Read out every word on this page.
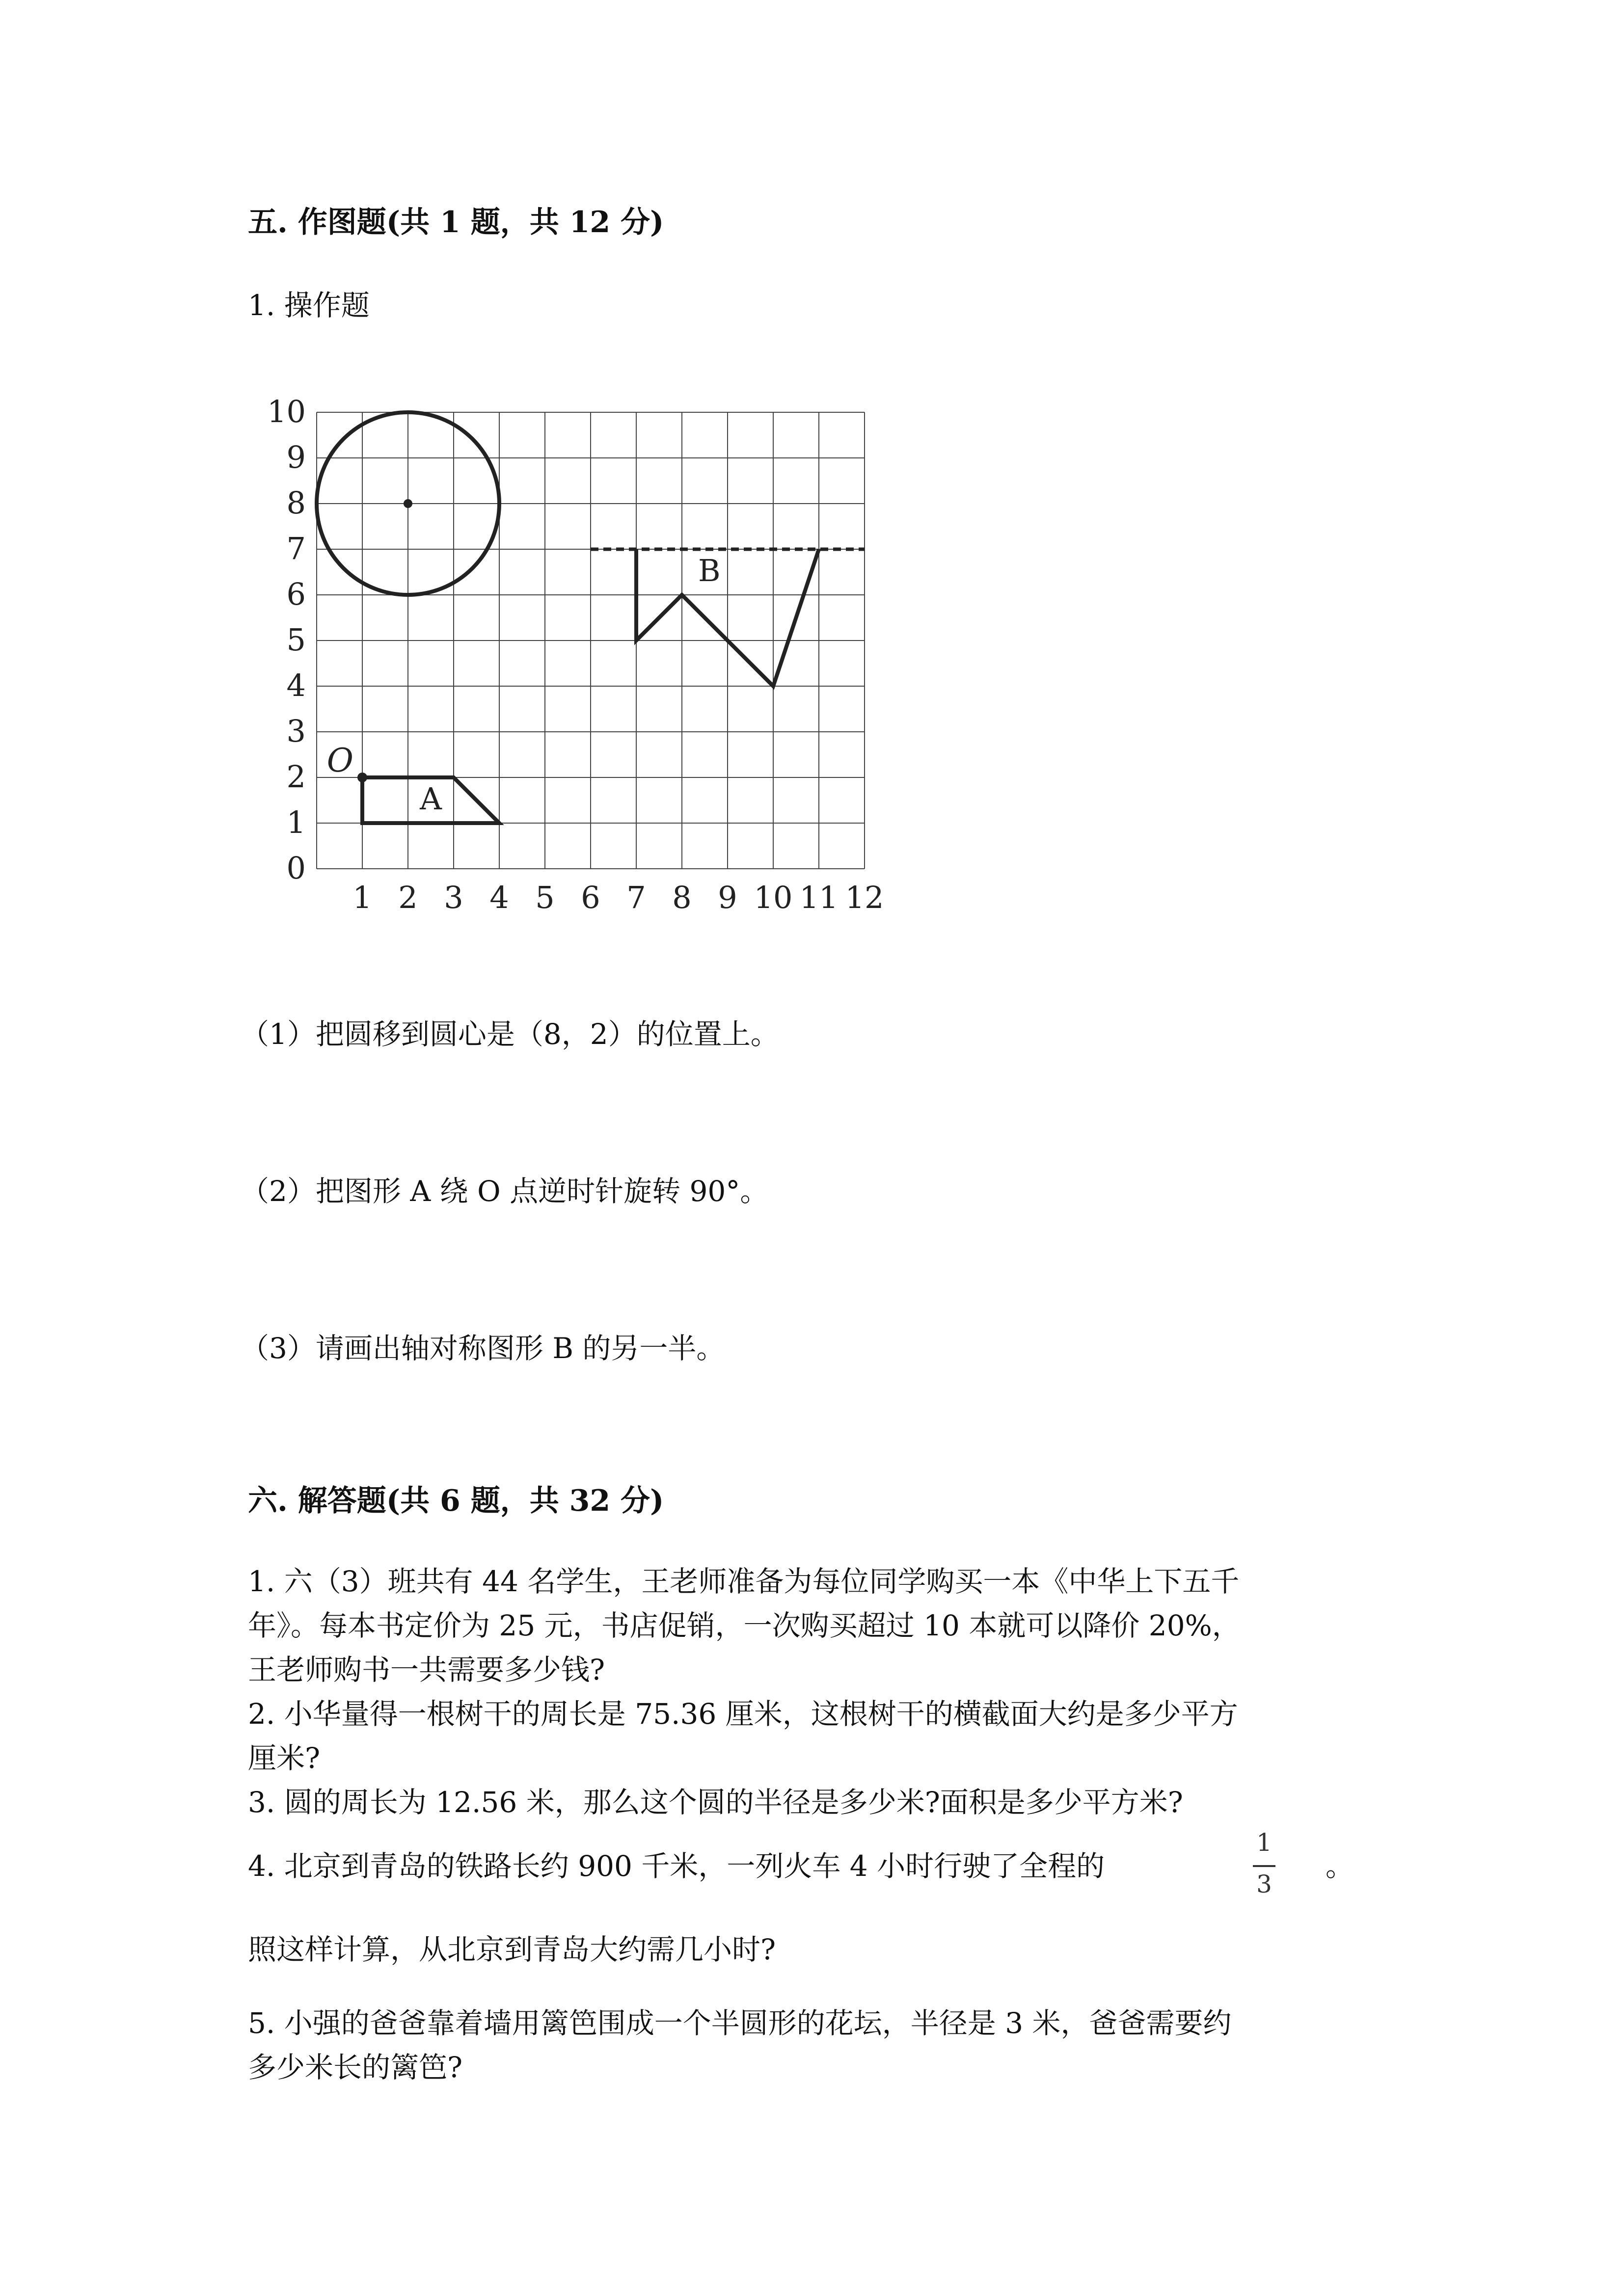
五. 作图题(共 1 题，共 12 分)
1. 操作题
0
1
2
3
4
5
6
7
8
9
10
1 2 3 4 5 6 7 8 9 10 11 12
O
A
B
（1）把圆移到圆心是（8，2）的位置上。
（2）把图形 A 绕 O 点逆时针旋转 90°。
（3）请画出轴对称图形 B 的另一半。
六. 解答题(共 6 题，共 32 分)
1. 六（3）班共有 44 名学生，王老师准备为每位同学购买一本《中华上下五千
年》。每本书定价为 25 元，书店促销，一次购买超过 10 本就可以降价 20%，
王老师购书一共需要多少钱?
2. 小华量得一根树干的周长是 75.36 厘米，这根树干的横截面大约是多少平方
厘米?
3. 圆的周长为 12.56 米，那么这个圆的半径是多少米?面积是多少平方米?
4. 北京到青岛的铁路长约 900 千米，一列火车 4 小时行驶了全程的
1
3
。
照这样计算，从北京到青岛大约需几小时?
5. 小强的爸爸靠着墙用篱笆围成一个半圆形的花坛，半径是 3 米，爸爸需要约
多少米长的篱笆?
